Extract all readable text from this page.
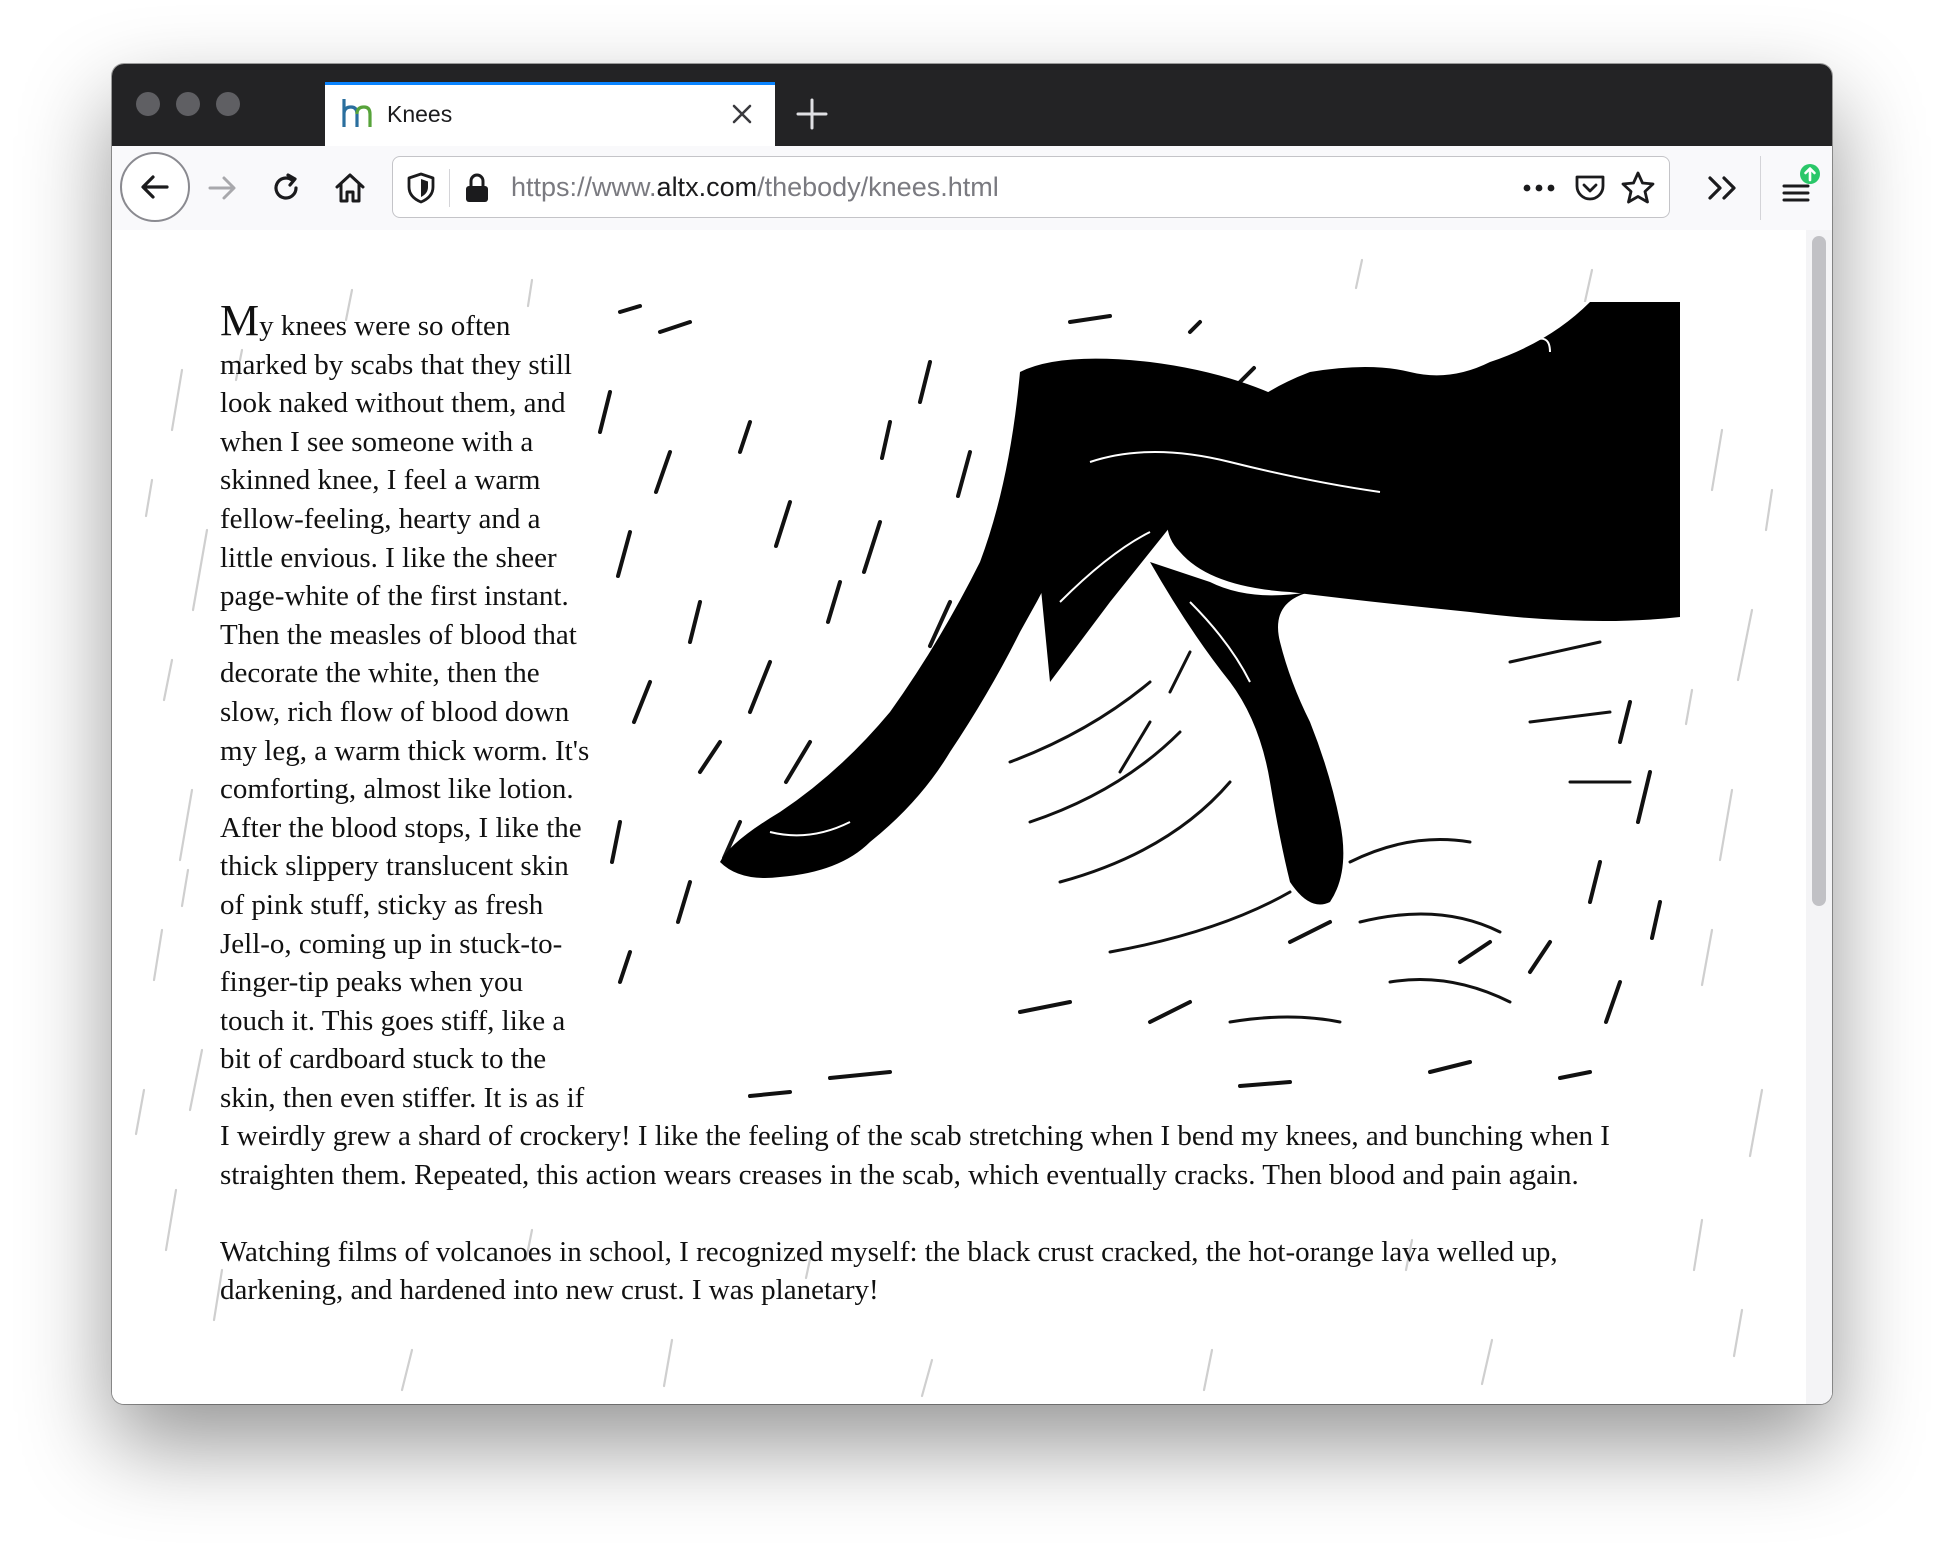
Knees
https://www.altx.com/thebody/knees.html

My knees were so often marked by scabs that they still look naked without them, and when I see someone with a skinned knee, I feel a warm fellow-feeling, hearty and a little envious. I like the sheer page-white of the first instant. Then the measles of blood that decorate the white, then the slow, rich flow of blood down my leg, a warm thick worm. It's comforting, almost like lotion. After the blood stops, I like the thick slippery translucent skin of pink stuff, sticky as fresh Jell-o, coming up in stuck-to-finger-tip peaks when you touch it. This goes stiff, like a bit of cardboard stuck to the skin, then even stiffer. It is as if I weirdly grew a shard of crockery! I like the feeling of the scab stretching when I bend my knees, and bunching when I straighten them. Repeated, this action wears creases in the scab, which eventually cracks. Then blood and pain again.

Watching films of volcanoes in school, I recognized myself: the black crust cracked, the hot-orange lava welled up, darkening, and hardened into new crust. I was planetary!
